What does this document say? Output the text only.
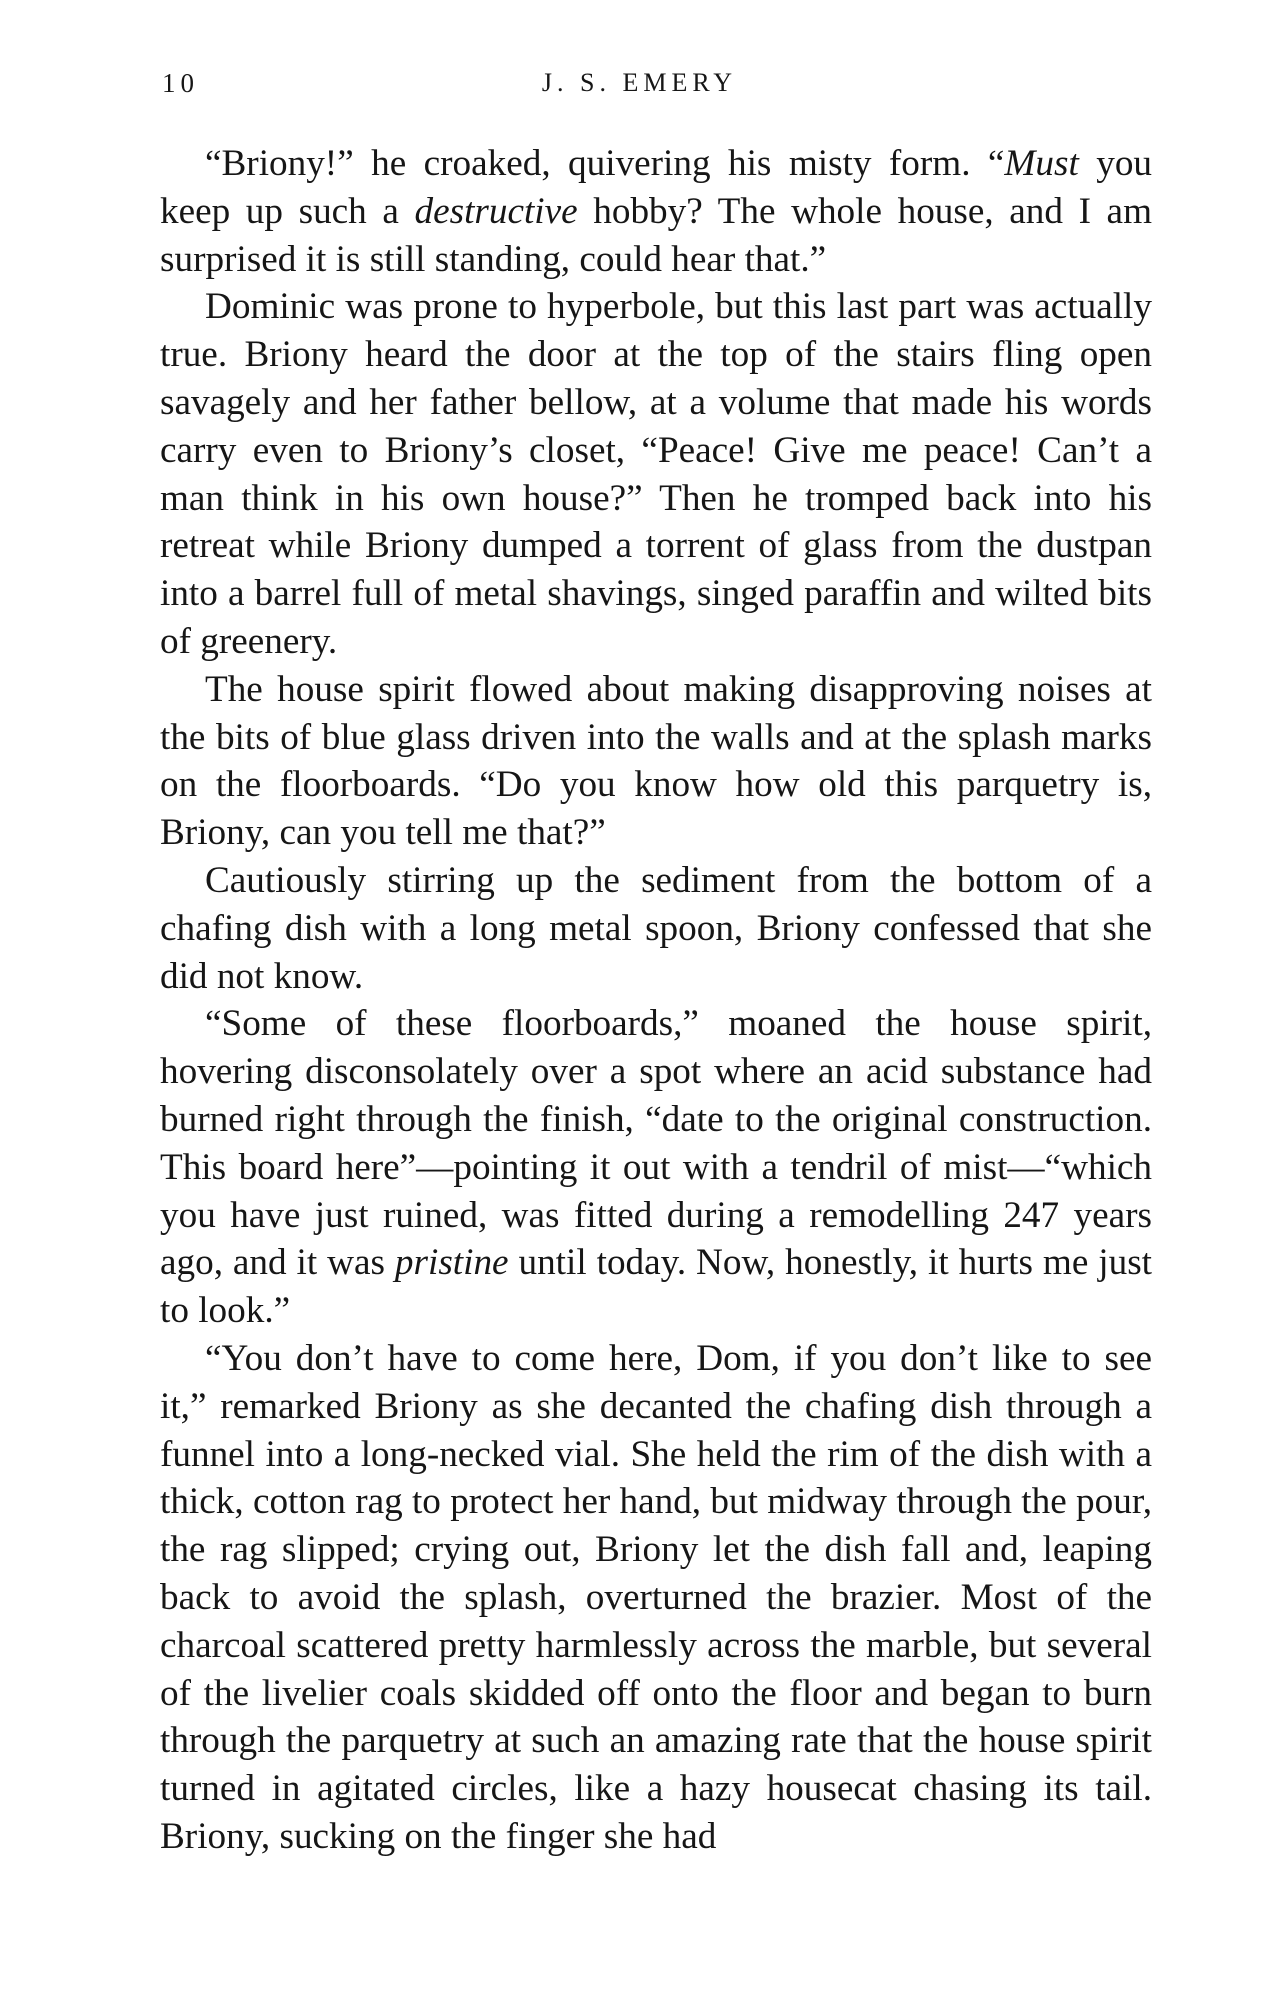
10	J. S. EMERY

“Briony!” he croaked, quivering his misty form. “Must you keep up such a destructive hobby? The whole house, and I am surprised it is still standing, could hear that.”

Dominic was prone to hyperbole, but this last part was actually true. Briony heard the door at the top of the stairs fling open savagely and her father bellow, at a volume that made his words carry even to Briony’s closet, “Peace! Give me peace! Can’t a man think in his own house?” Then he tromped back into his retreat while Briony dumped a torrent of glass from the dustpan into a barrel full of metal shavings, singed paraffin and wilted bits of greenery.

The house spirit flowed about making disapproving noises at the bits of blue glass driven into the walls and at the splash marks on the floorboards. “Do you know how old this parquetry is, Briony, can you tell me that?”

Cautiously stirring up the sediment from the bottom of a chafing dish with a long metal spoon, Briony confessed that she did not know.

“Some of these floorboards,” moaned the house spirit, hovering disconsolately over a spot where an acid substance had burned right through the finish, “date to the original construction. This board here”—pointing it out with a tendril of mist—“which you have just ruined, was fitted during a remodelling 247 years ago, and it was pristine until today. Now, honestly, it hurts me just to look.”

“You don’t have to come here, Dom, if you don’t like to see it,” remarked Briony as she decanted the chafing dish through a funnel into a long-necked vial. She held the rim of the dish with a thick, cotton rag to protect her hand, but midway through the pour, the rag slipped; crying out, Briony let the dish fall and, leaping back to avoid the splash, overturned the brazier. Most of the charcoal scattered pretty harmlessly across the marble, but several of the livelier coals skidded off onto the floor and began to burn through the parquetry at such an amazing rate that the house spirit turned in agitated circles, like a hazy housecat chasing its tail. Briony, sucking on the finger she had
